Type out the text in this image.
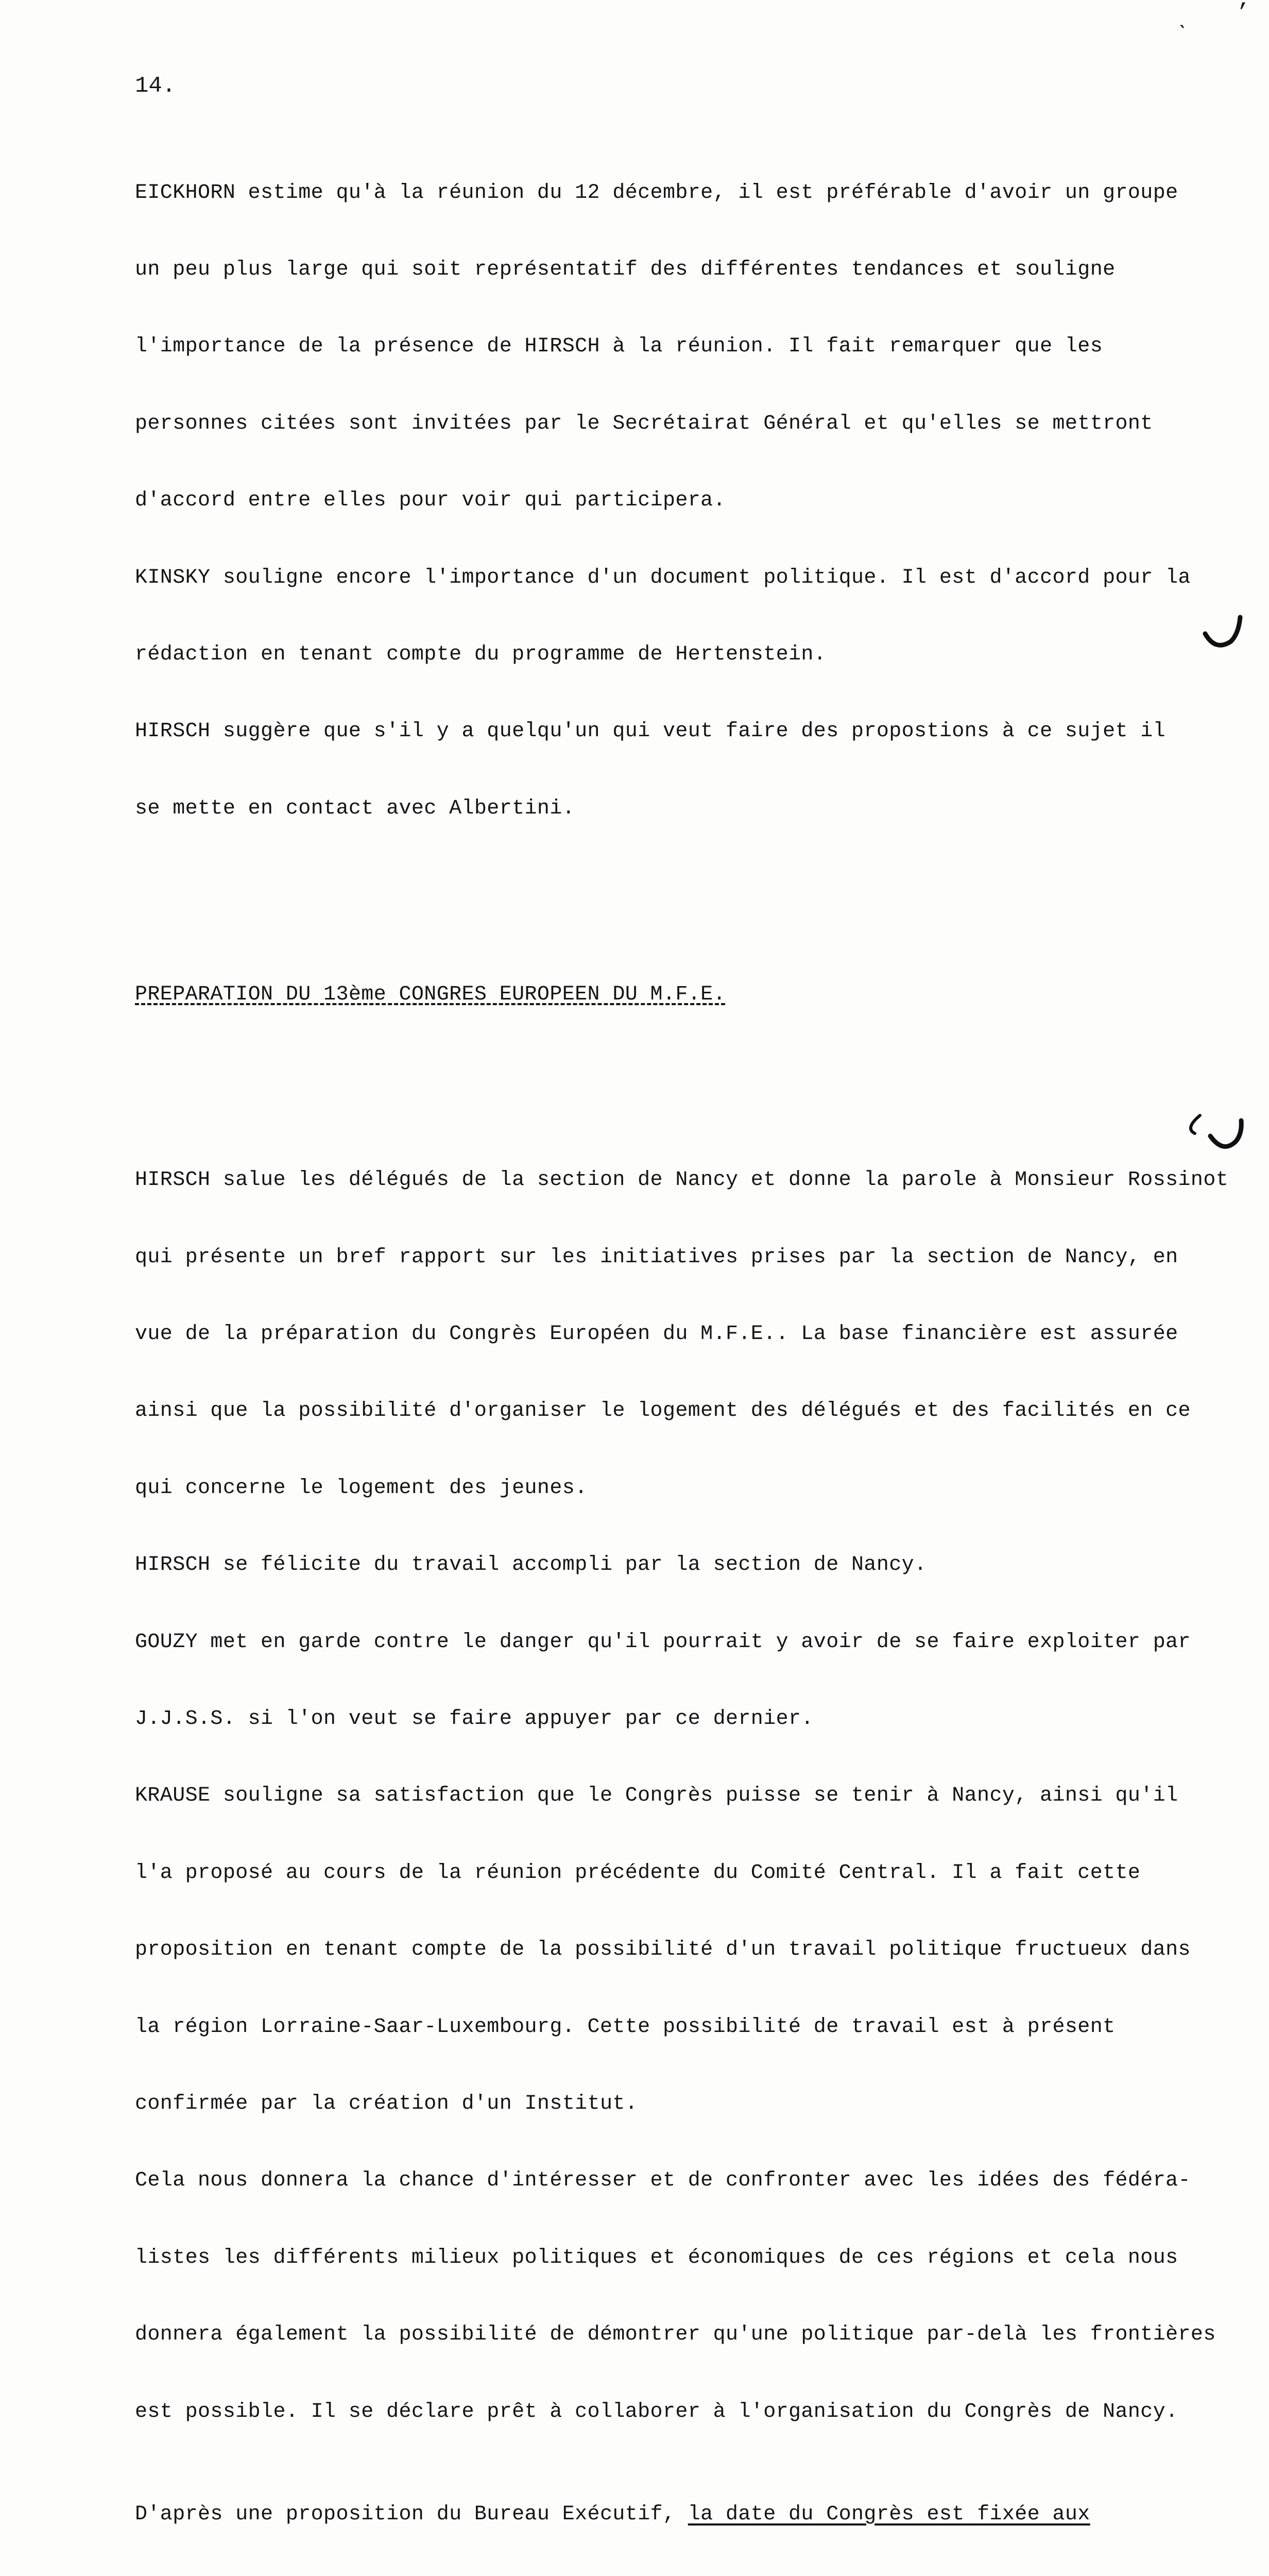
ˎ ’
14.

EICKHORN estime qu'à la réunion du 12 décembre, il est préférable d'avoir un groupe

un peu plus large qui soit représentatif des différentes tendances et souligne

l'importance de la présence de HIRSCH à la réunion. Il fait remarquer que les

personnes citées sont invitées par le Secrétairat Général et qu'elles se mettront

d'accord entre elles pour voir qui participera.

KINSKY souligne encore l'importance d'un document politique. Il est d'accord pour la

rédaction en tenant compte du programme de Hertenstein.

HIRSCH suggère que s'il y a quelqu'un qui veut faire des propostions à ce sujet il

se mette en contact avec Albertini.

PREPARATION DU 13ème CONGRES EUROPEEN DU M.F.E.

HIRSCH salue les délégués de la section de Nancy et donne la parole à Monsieur Rossinot

qui présente un bref rapport sur les initiatives prises par la section de Nancy, en

vue de la préparation du Congrès Européen du M.F.E.. La base financière est assurée

ainsi que la possibilité d'organiser le logement des délégués et des facilités en ce

qui concerne le logement des jeunes.

HIRSCH se félicite du travail accompli par la section de Nancy.

GOUZY met en garde contre le danger qu'il pourrait y avoir de se faire exploiter par

J.J.S.S. si l'on veut se faire appuyer par ce dernier.

KRAUSE souligne sa satisfaction que le Congrès puisse se tenir à Nancy, ainsi qu'il

l'a proposé au cours de la réunion précédente du Comité Central. Il a fait cette

proposition en tenant compte de la possibilité d'un travail politique fructueux dans

la région Lorraine-Saar-Luxembourg. Cette possibilité de travail est à présent

confirmée par la création d'un Institut.

Cela nous donnera la chance d'intéresser et de confronter avec les idées des fédéra-

listes les différents milieux politiques et économiques de ces régions et cela nous

donnera également la possibilité de démontrer qu'une politique par-delà les frontières

est possible. Il se déclare prêt à collaborer à l'organisation du Congrès de Nancy.

D'après une proposition du Bureau Exécutif, la date du Congrès est fixée aux
